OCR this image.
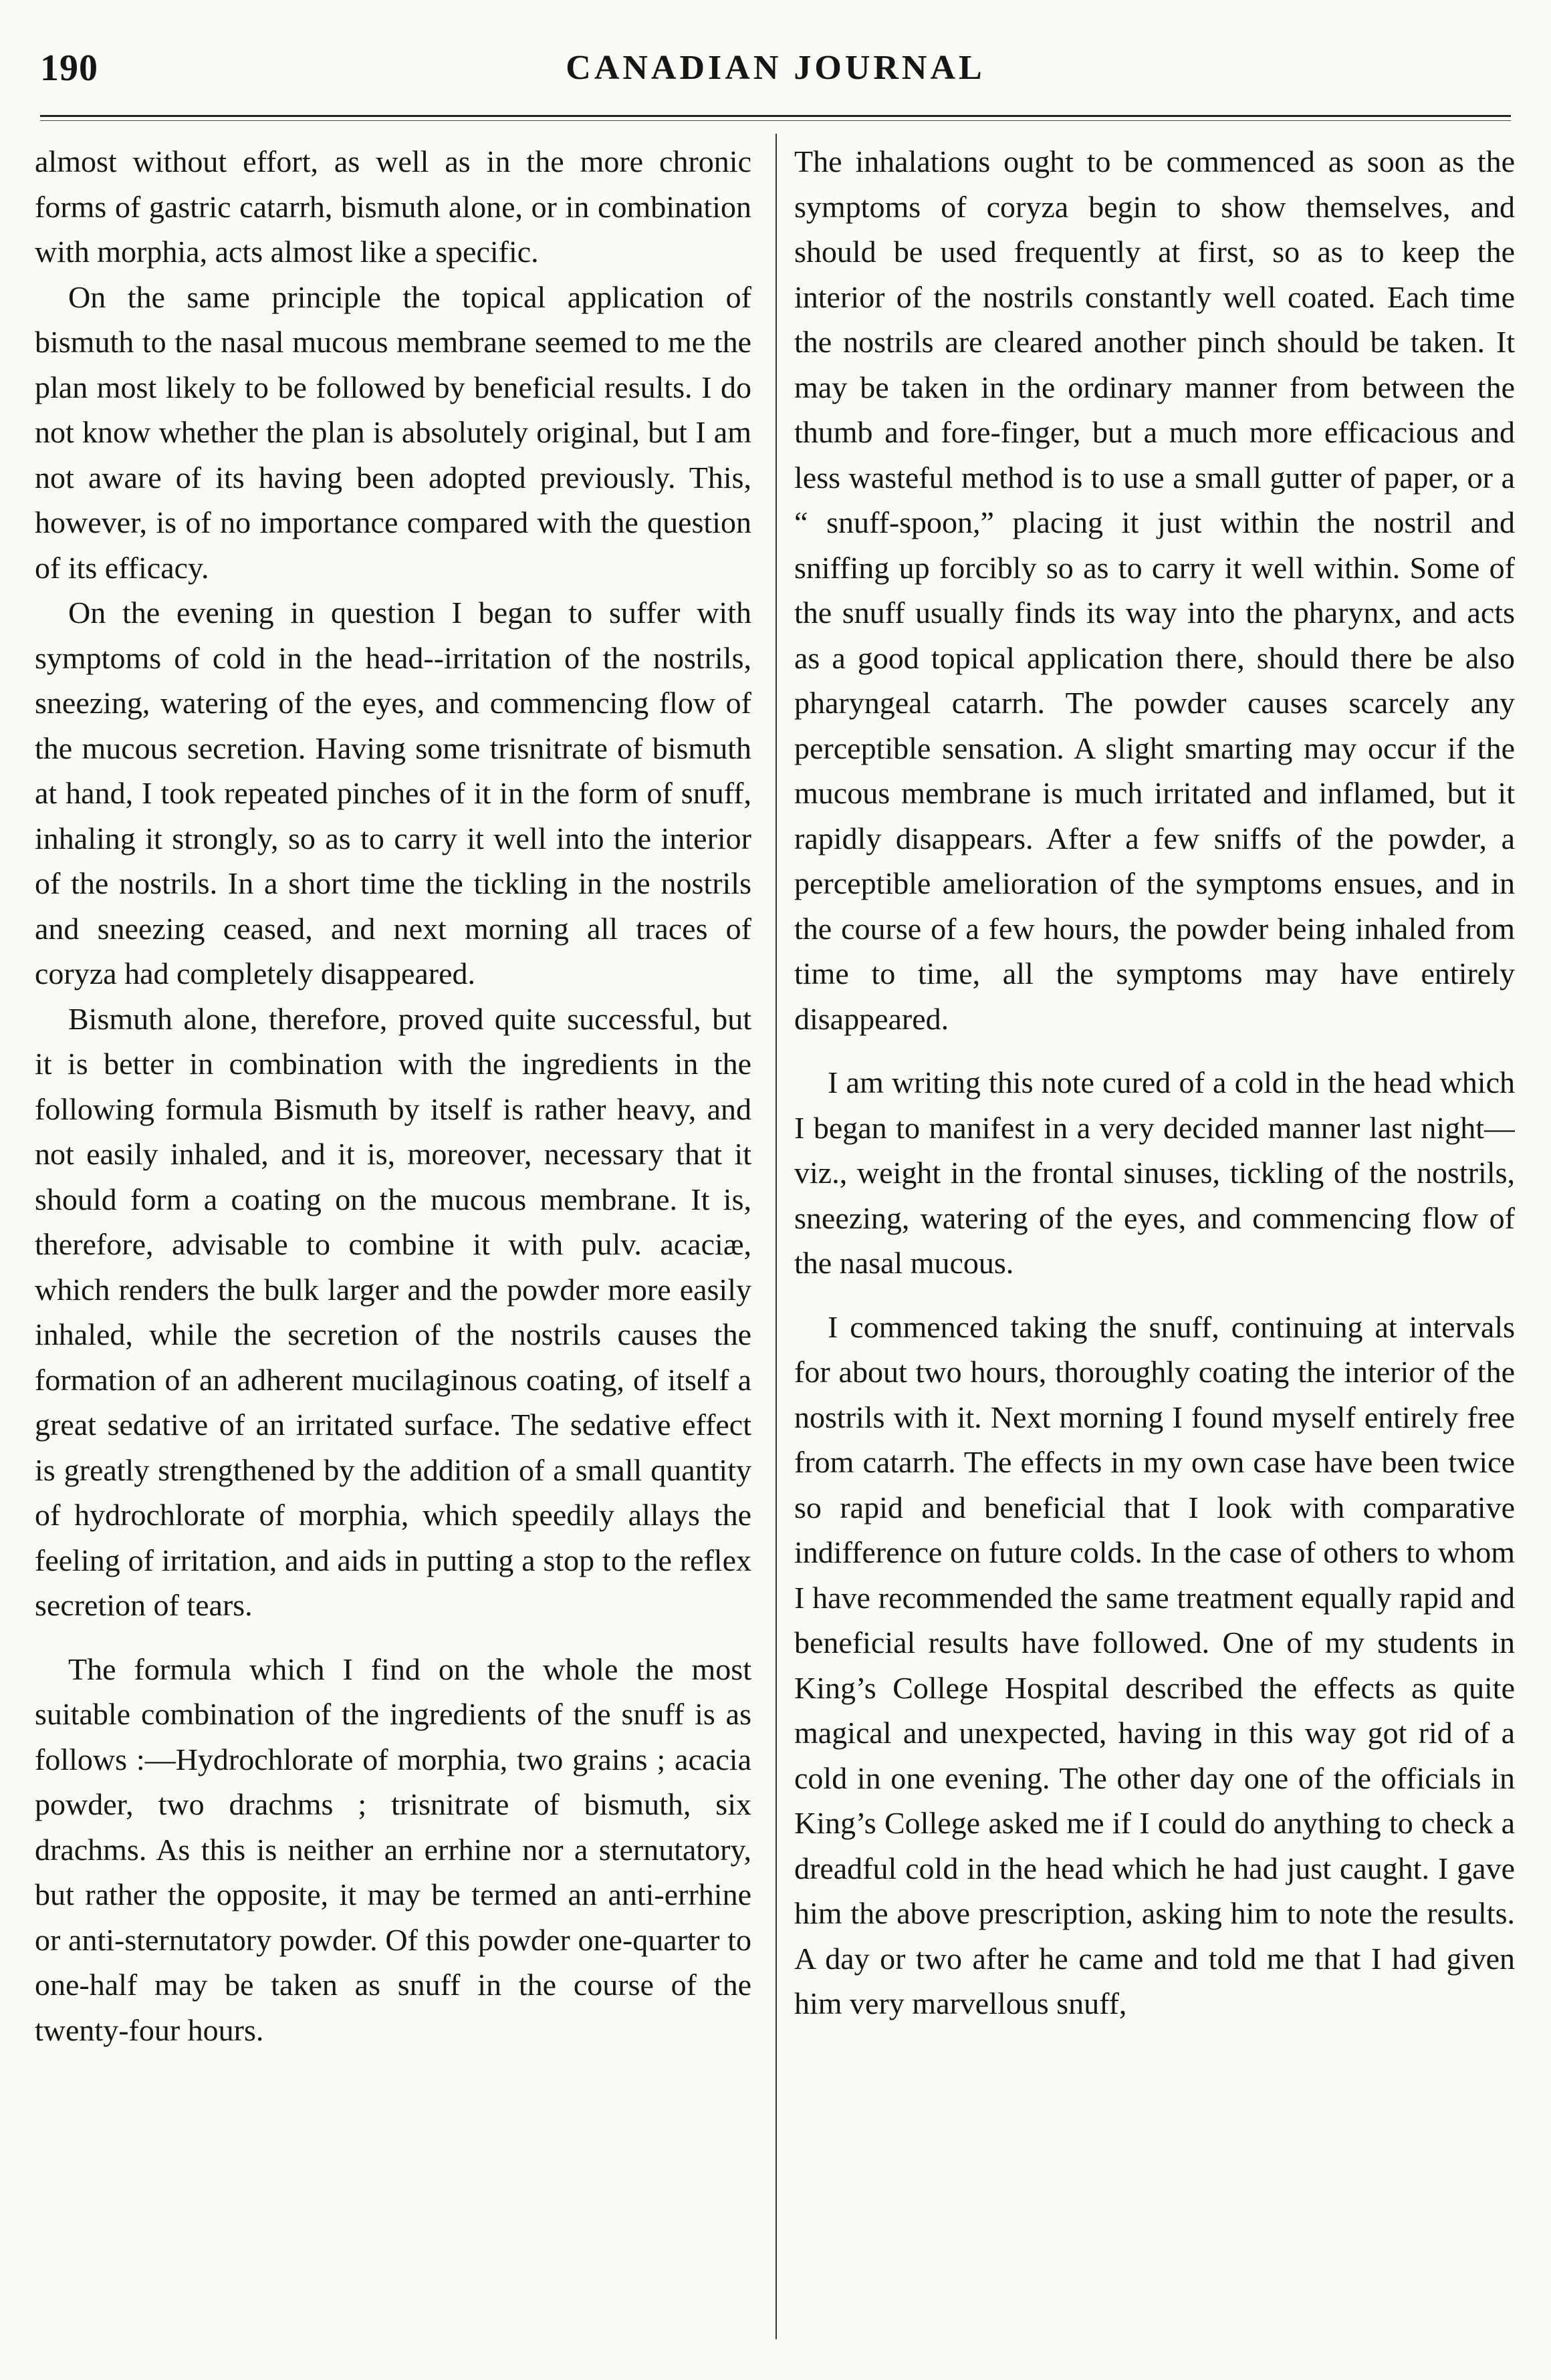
190	CANADIAN JOURNAL

almost without effort, as well as in the more chronic forms of gastric catarrh, bismuth alone, or in combination with morphia, acts almost like a specific.

On the same principle the topical application of bismuth to the nasal mucous membrane seemed to me the plan most likely to be followed by beneficial results. I do not know whether the plan is absolutely original, but I am not aware of its having been adopted previously. This, however, is of no importance compared with the question of its efficacy.

On the evening in question I began to suffer with symptoms of cold in the head--irritation of the nostrils, sneezing, watering of the eyes, and commencing flow of the mucous secretion. Having some trisnitrate of bismuth at hand, I took repeated pinches of it in the form of snuff, inhaling it strongly, so as to carry it well into the interior of the nostrils. In a short time the tickling in the nostrils and sneezing ceased, and next morning all traces of coryza had completely disappeared.

Bismuth alone, therefore, proved quite successful, but it is better in combination with the ingredients in the following formula Bismuth by itself is rather heavy, and not easily inhaled, and it is, moreover, necessary that it should form a coating on the mucous membrane. It is, therefore, advisable to combine it with pulv. acaciæ, which renders the bulk larger and the powder more easily inhaled, while the secretion of the nostrils causes the formation of an adherent mucilaginous coating, of itself a great sedative of an irritated surface. The sedative effect is greatly strengthened by the addition of a small quantity of hydrochlorate of morphia, which speedily allays the feeling of irritation, and aids in putting a stop to the reflex secretion of tears.

The formula which I find on the whole the most suitable combination of the ingredients of the snuff is as follows :—Hydrochlorate of morphia, two grains ; acacia powder, two drachms ; trisnitrate of bismuth, six drachms. As this is neither an errhine nor a sternutatory, but rather the opposite, it may be termed an anti-errhine or anti-sternutatory powder. Of this powder one-quarter to one-half may be taken as snuff in the course of the twenty-four hours.

The inhalations ought to be commenced as soon as the symptoms of coryza begin to show themselves, and should be used frequently at first, so as to keep the interior of the nostrils constantly well coated. Each time the nostrils are cleared another pinch should be taken. It may be taken in the ordinary manner from between the thumb and fore-finger, but a much more efficacious and less wasteful method is to use a small gutter of paper, or a “ snuff-spoon,” placing it just within the nostril and sniffing up forcibly so as to carry it well within. Some of the snuff usually finds its way into the pharynx, and acts as a good topical application there, should there be also pharyngeal catarrh. The powder causes scarcely any perceptible sensation. A slight smarting may occur if the mucous membrane is much irritated and inflamed, but it rapidly disappears. After a few sniffs of the powder, a perceptible amelioration of the symptoms ensues, and in the course of a few hours, the powder being inhaled from time to time, all the symptoms may have entirely disappeared.

I am writing this note cured of a cold in the head which I began to manifest in a very decided manner last night—viz., weight in the frontal sinuses, tickling of the nostrils, sneezing, watering of the eyes, and commencing flow of the nasal mucous.

I commenced taking the snuff, continuing at intervals for about two hours, thoroughly coating the interior of the nostrils with it. Next morning I found myself entirely free from catarrh. The effects in my own case have been twice so rapid and beneficial that I look with comparative indifference on future colds. In the case of others to whom I have recommended the same treatment equally rapid and beneficial results have followed. One of my students in King’s College Hospital described the effects as quite magical and unexpected, having in this way got rid of a cold in one evening. The other day one of the officials in King’s College asked me if I could do anything to check a dreadful cold in the head which he had just caught. I gave him the above prescription, asking him to note the results. A day or two after he came and told me that I had given him very marvellous snuff,
